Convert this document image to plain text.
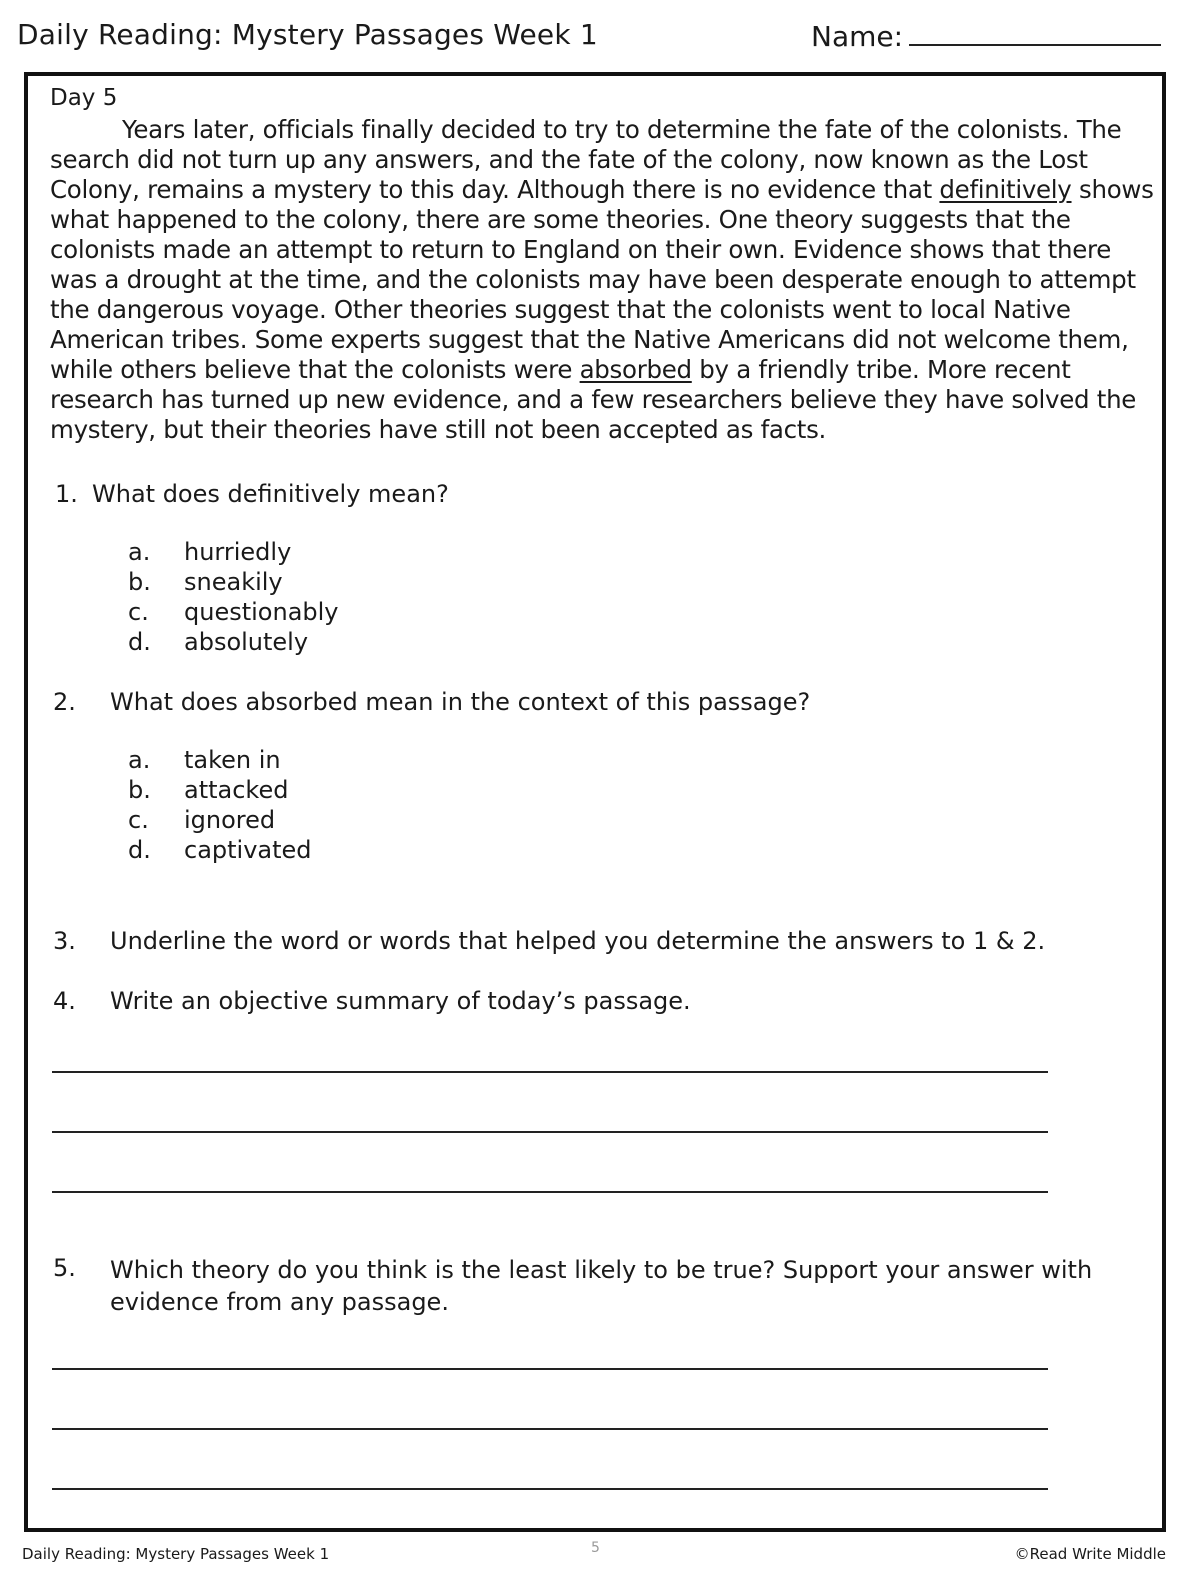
Daily Reading: Mystery Passages Week 1	Name:
Day 5

Years later, officials finally decided to try to determine the fate of the colonists. The search did not turn up any answers, and the fate of the colony, now known as the Lost Colony, remains a mystery to this day. Although there is no evidence that definitively shows what happened to the colony, there are some theories. One theory suggests that the colonists made an attempt to return to England on their own. Evidence shows that there was a drought at the time, and the colonists may have been desperate enough to attempt the dangerous voyage. Other theories suggest that the colonists went to local Native American tribes. Some experts suggest that the Native Americans did not welcome them, while others believe that the colonists were absorbed by a friendly tribe. More recent research has turned up new evidence, and a few researchers believe they have solved the mystery, but their theories have still not been accepted as facts.

1. What does definitively mean?
a. hurriedly
b. sneakily
c. questionably
d. absolutely
2. What does absorbed mean in the context of this passage?
a. taken in
b. attacked
c. ignored
d. captivated
3. Underline the word or words that helped you determine the answers to 1 & 2.
4. Write an objective summary of today’s passage.
5. Which theory do you think is the least likely to be true? Support your answer with evidence from any passage.
Daily Reading: Mystery Passages Week 1	5	©Read Write Middle
